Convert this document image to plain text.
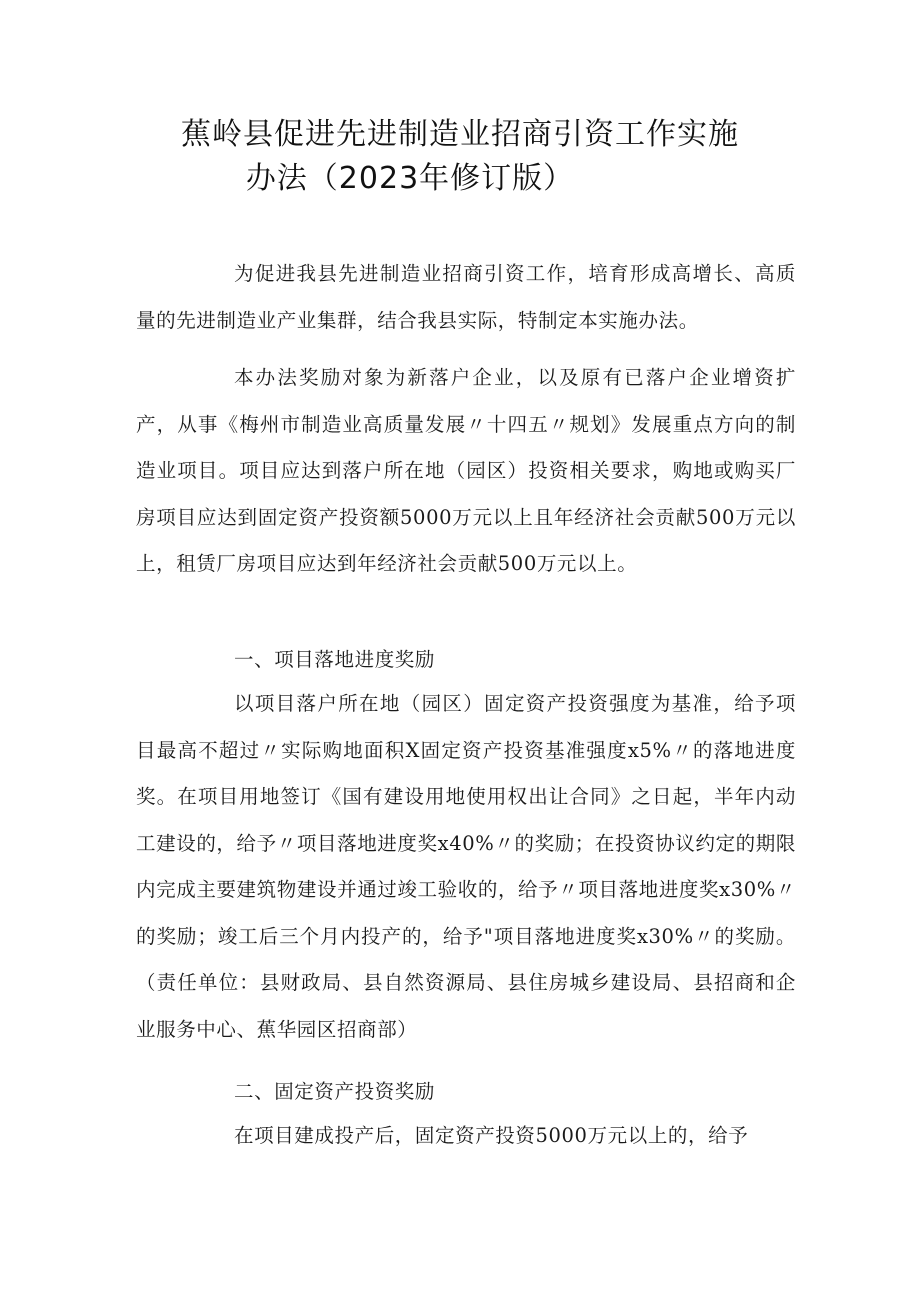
蕉岭县促进先进制造业招商引资工作实施
办法（2023年修订版）

为促进我县先进制造业招商引资工作，培育形成高增长、高质量的先进制造业产业集群，结合我县实际，特制定本实施办法。

本办法奖励对象为新落户企业，以及原有已落户企业增资扩产，从事《梅州市制造业高质量发展〃十四五〃规划》发展重点方向的制造业项目。项目应达到落户所在地（园区）投资相关要求，购地或购买厂房项目应达到固定资产投资额5000万元以上且年经济社会贡献500万元以上，租赁厂房项目应达到年经济社会贡献500万元以上。

一、项目落地进度奖励

以项目落户所在地（园区）固定资产投资强度为基准，给予项目最高不超过〃实际购地面积X固定资产投资基准强度x5%〃的落地进度奖。在项目用地签订《国有建设用地使用权出让合同》之日起，半年内动工建设的，给予〃项目落地进度奖x40%〃的奖励；在投资协议约定的期限内完成主要建筑物建设并通过竣工验收的，给予〃项目落地进度奖x30%〃的奖励；竣工后三个月内投产的，给予"项目落地进度奖x30%〃的奖励。（责任单位：县财政局、县自然资源局、县住房城乡建设局、县招商和企业服务中心、蕉华园区招商部）

二、固定资产投资奖励

在项目建成投产后，固定资产投资5000万元以上的，给予
